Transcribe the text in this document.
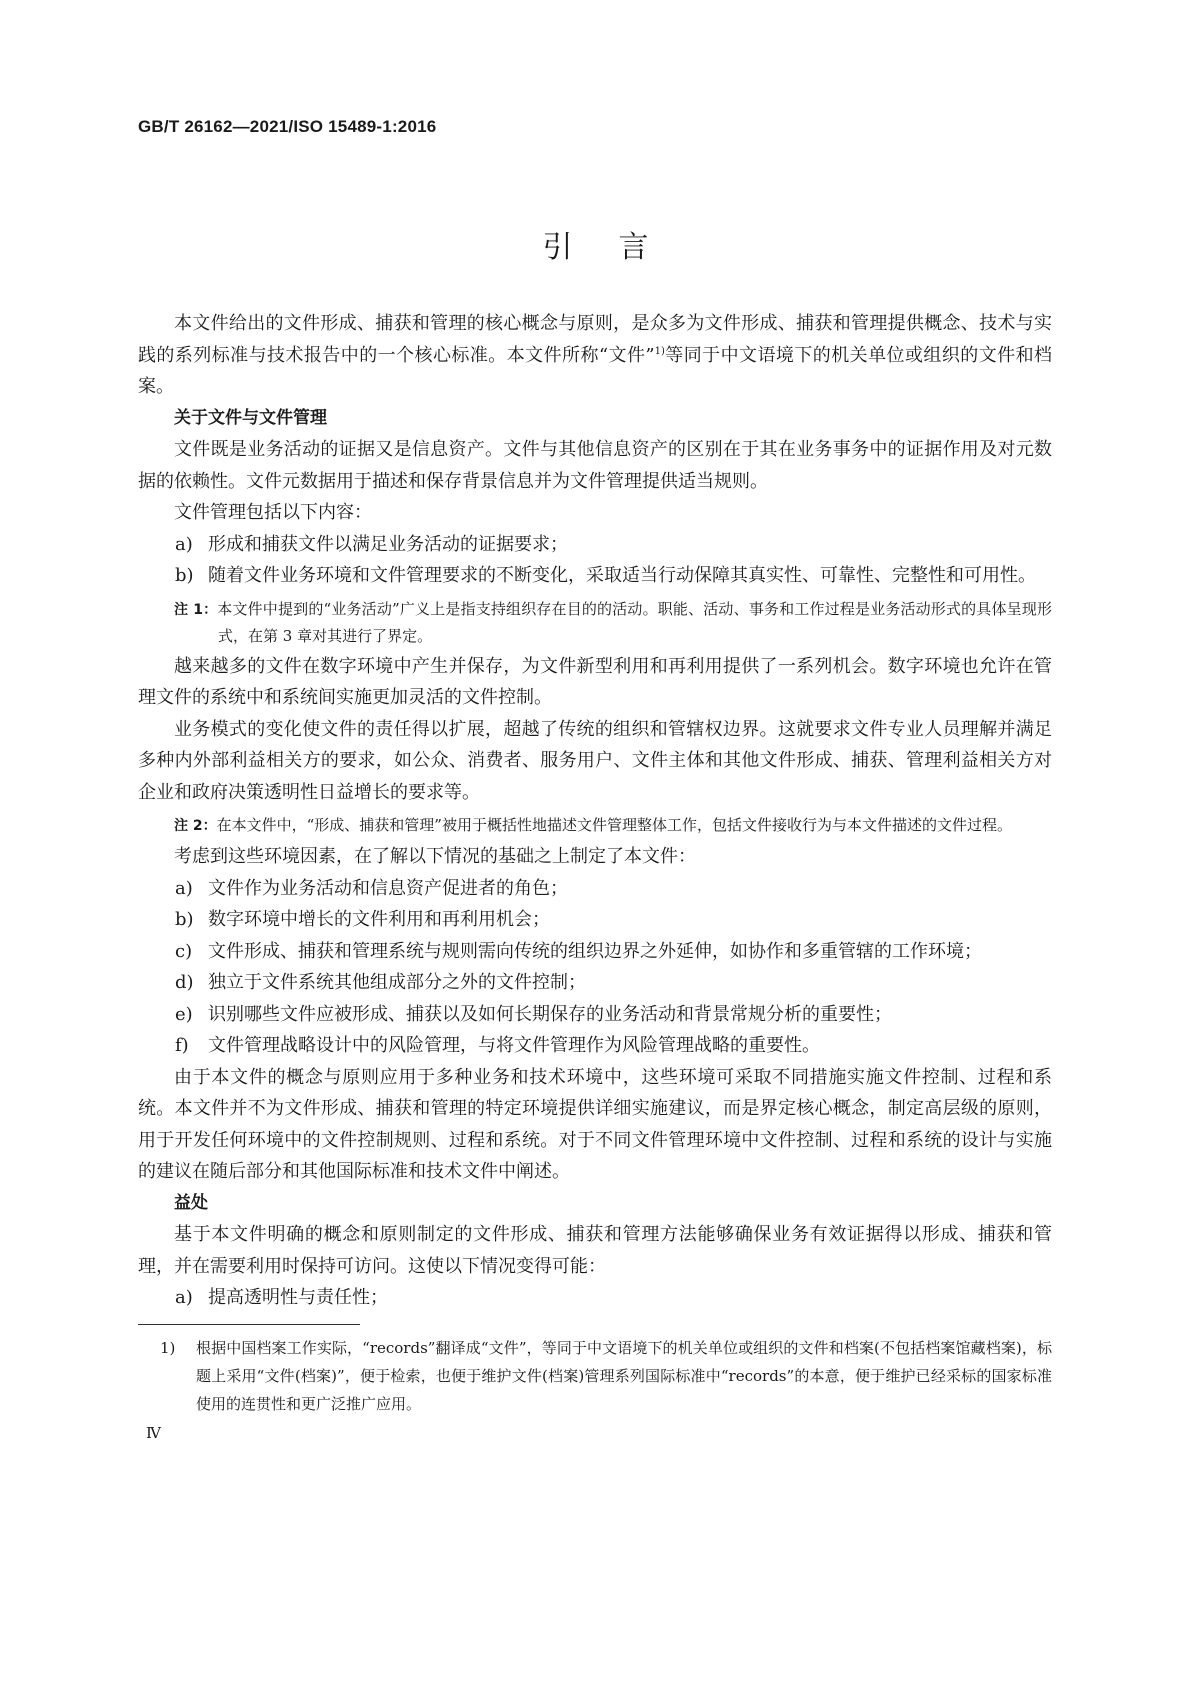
GB/T 26162—2021/ISO 15489-1:2016
引言

本文件给出的文件形成、捕获和管理的核心概念与原则，是众多为文件形成、捕获和管理提供概念、技术与实践的系列标准与技术报告中的一个核心标准。本文件所称“文件”$^{1)}$等同于中文语境下的机关单位或组织的文件和档案。

关于文件与文件管理

文件既是业务活动的证据又是信息资产。文件与其他信息资产的区别在于其在业务事务中的证据作用及对元数据的依赖性。文件元数据用于描述和保存背景信息并为文件管理提供适当规则。

文件管理包括以下内容：

a) 形成和捕获文件以满足业务活动的证据要求；

b) 随着文件业务环境和文件管理要求的不断变化，采取适当行动保障其真实性、可靠性、完整性和可用性。

注 1：本文件中提到的“业务活动”广义上是指支持组织存在目的的活动。职能、活动、事务和工作过程是业务活动形式的具体呈现形式，在第 3 章对其进行了界定。

越来越多的文件在数字环境中产生并保存，为文件新型利用和再利用提供了一系列机会。数字环境也允许在管理文件的系统中和系统间实施更加灵活的文件控制。

业务模式的变化使文件的责任得以扩展，超越了传统的组织和管辖权边界。这就要求文件专业人员理解并满足多种内外部利益相关方的要求，如公众、消费者、服务用户、文件主体和其他文件形成、捕获、管理利益相关方对企业和政府决策透明性日益增长的要求等。

注 2：在本文件中，“形成、捕获和管理”被用于概括性地描述文件管理整体工作，包括文件接收行为与本文件描述的文件过程。

考虑到这些环境因素，在了解以下情况的基础之上制定了本文件：

a) 文件作为业务活动和信息资产促进者的角色；

b) 数字环境中增长的文件利用和再利用机会；

c) 文件形成、捕获和管理系统与规则需向传统的组织边界之外延伸，如协作和多重管辖的工作环境；

d) 独立于文件系统其他组成部分之外的文件控制；

e) 识别哪些文件应被形成、捕获以及如何长期保存的业务活动和背景常规分析的重要性；

f) 文件管理战略设计中的风险管理，与将文件管理作为风险管理战略的重要性。

由于本文件的概念与原则应用于多种业务和技术环境中，这些环境可采取不同措施实施文件控制、过程和系统。本文件并不为文件形成、捕获和管理的特定环境提供详细实施建议，而是界定核心概念，制定高层级的原则，用于开发任何环境中的文件控制规则、过程和系统。对于不同文件管理环境中文件控制、过程和系统的设计与实施的建议在随后部分和其他国际标准和技术文件中阐述。

益处

基于本文件明确的概念和原则制定的文件形成、捕获和管理方法能够确保业务有效证据得以形成、捕获和管理，并在需要利用时保持可访问。这使以下情况变得可能：

a) 提高透明性与责任性；

1) 根据中国档案工作实际，“records”翻译成“文件”，等同于中文语境下的机关单位或组织的文件和档案(不包括档案馆藏档案)，标题上采用“文件(档案)”，便于检索，也便于维护文件(档案)管理系列国际标准中“records”的本意，便于维护已经采标的国家标准使用的连贯性和更广泛推广应用。
Ⅳ
